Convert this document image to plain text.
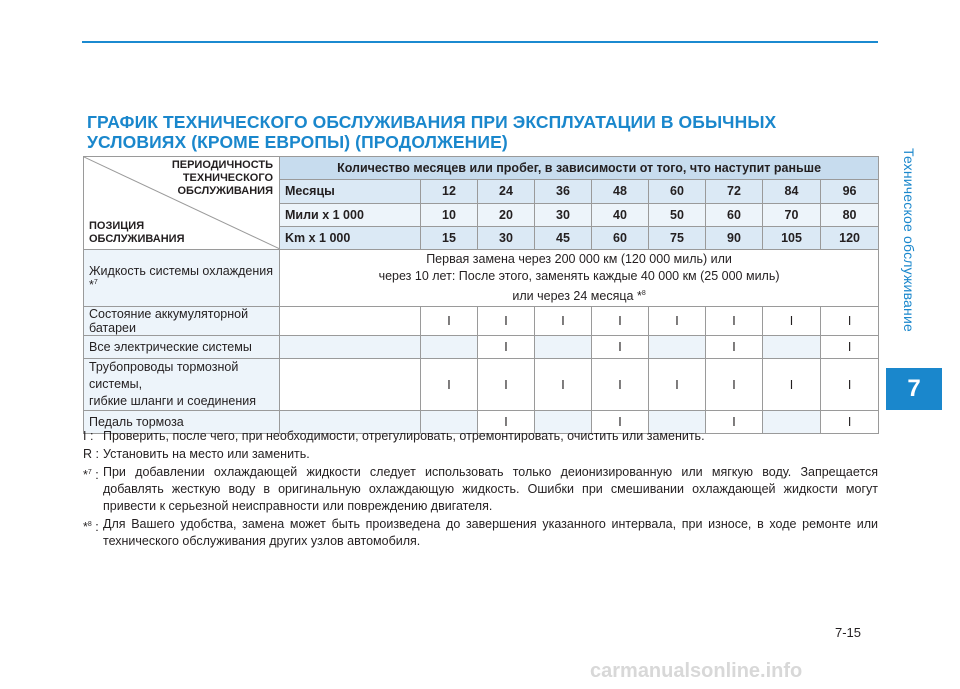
Техническое обслуживание
7
ГРАФИК ТЕХНИЧЕСКОГО ОБСЛУЖИВАНИЯ ПРИ ЭКСПЛУАТАЦИИ В ОБЫЧНЫХ УСЛОВИЯХ (КРОМЕ ЕВРОПЫ) (ПРОДОЛЖЕНИЕ)
ПЕРИОДИЧНОСТЬ
ТЕХНИЧЕСКОГО
ОБСЛУЖИВАНИЯ
ПОЗИЦИЯ
ОБСЛУЖИВАНИЯ	Количество месяцев или пробег, в зависимости от того, что наступит раньше								
	Месяцы	12	24	36	48	60	72	84	96
	Мили х 1 000	10	20	30	40	50	60	70	80
	Km x 1 000	15	30	45	60	75	90	105	120
Жидкость системы охлаждения *$^7$	Первая замена через 200 000 км (120 000 миль) или
через 10 лет: После этого, заменять каждые 40 000 км (25 000 миль)
или через 24 месяца *$^8$

Состояние аккумуляторной батареи		I	I	I	I	I	I	I	I
Все электрические системы			I		I		I		I

Трубопроводы тормозной системы,
гибкие шланги и соединения		I	I	I	I	I	I	I	I
Педаль тормоза			I		I		I		I
I : Проверить, после чего, при необходимости, отрегулировать, отремонтировать, очистить или заменить.
R : Установить на место или заменить.
*$^7$ : При добавлении охлаждающей жидкости следует использовать только деионизированную или мягкую воду. Запрещается добавлять жесткую воду в оригинальную охлаждающую жидкость. Ошибки при смешивании охлаждающей жидкости могут привести к серьезной неисправности или повреждению двигателя.
*$^8$ : Для Вашего удобства, замена может быть произведена до завершения указанного интервала, при износе, в ходе ремонте или технического обслуживания других узлов автомобиля.
7-15
carmanualsonline.info
